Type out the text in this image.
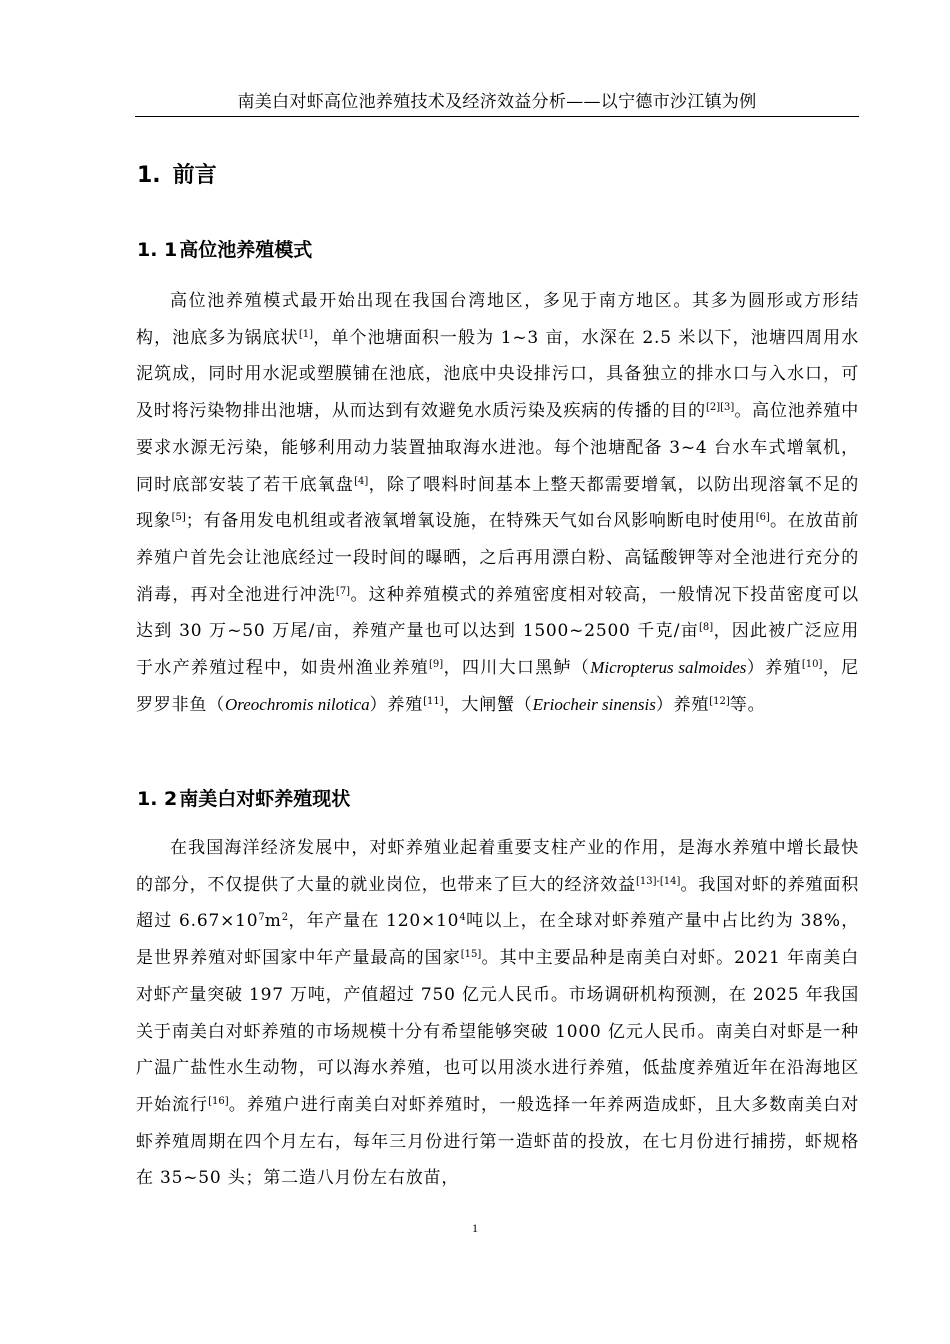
南美白对虾高位池养殖技术及经济效益分析——以宁德市沙江镇为例
1. 前言
1. 1 高位池养殖模式
高位池养殖模式最开始出现在我国台湾地区，多见于南方地区。其多为圆形或方形结构，池底多为锅底状[1]，单个池塘面积一般为 1~3 亩，水深在 2.5 米以下，池塘四周用水泥筑成，同时用水泥或塑膜铺在池底，池底中央设排污口，具备独立的排水口与入水口，可及时将污染物排出池塘，从而达到有效避免水质污染及疾病的传播的目的[2][3]。高位池养殖中要求水源无污染，能够利用动力装置抽取海水进池。每个池塘配备 3~4 台水车式增氧机，同时底部安装了若干底氧盘[4]，除了喂料时间基本上整天都需要增氧，以防出现溶氧不足的现象[5]；有备用发电机组或者液氧增氧设施，在特殊天气如台风影响断电时使用[6]。在放苗前养殖户首先会让池底经过一段时间的曝晒，之后再用漂白粉、高锰酸钾等对全池进行充分的消毒，再对全池进行冲洗[7]。这种养殖模式的养殖密度相对较高，一般情况下投苗密度可以达到 30 万~50 万尾/亩，养殖产量也可以达到 1500~2500 千克/亩[8]，因此被广泛应用于水产养殖过程中，如贵州渔业养殖[9]，四川大口黑鲈（Micropterus salmoides）养殖[10]，尼罗罗非鱼（Oreochromis nilotica）养殖[11]，大闸蟹（Eriocheir sinensis）养殖[12]等。
1. 2 南美白对虾养殖现状
在我国海洋经济发展中，对虾养殖业起着重要支柱产业的作用，是海水养殖中增长最快的部分，不仅提供了大量的就业岗位，也带来了巨大的经济效益[13]-[14]。我国对虾的养殖面积超过 $6.67\times 10^7m^2$，年产量在 $120\times 10^4$吨以上，在全球对虾养殖产量中占比约为 38%，是世界养殖对虾国家中年产量最高的国家[15]。其中主要品种是南美白对虾。2021 年南美白对虾产量突破 197 万吨，产值超过 750 亿元人民币。市场调研机构预测，在 2025 年我国关于南美白对虾养殖的市场规模十分有希望能够突破 1000 亿元人民币。南美白对虾是一种广温广盐性水生动物，可以海水养殖，也可以用淡水进行养殖，低盐度养殖近年在沿海地区开始流行[16]。养殖户进行南美白对虾养殖时，一般选择一年养两造成虾，且大多数南美白对虾养殖周期在四个月左右，每年三月份进行第一造虾苗的投放，在七月份进行捕捞，虾规格在 35~50 头；第二造八月份左右放苗，
1
